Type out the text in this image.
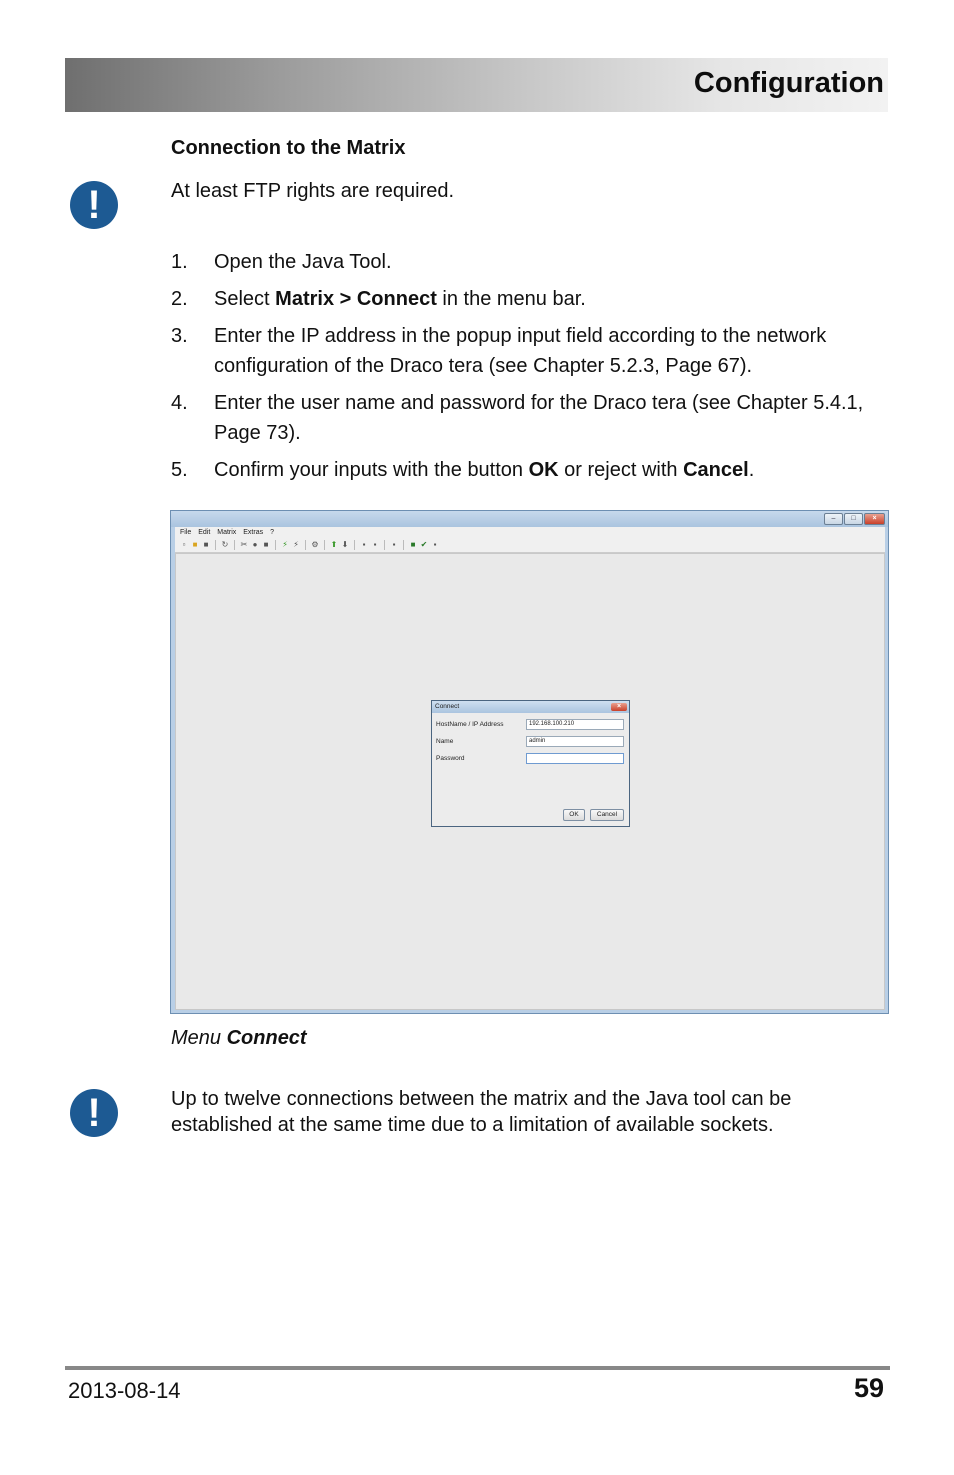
Configuration
Connection to the Matrix
!	At least FTP rights are required.
1. Open the Java Tool.
2. Select Matrix > Connect in the menu bar.
3. Enter the IP address in the popup input field according to the network configuration of the Draco tera (see Chapter 5.2.3, Page 67).
4. Enter the user name and password for the Draco tera (see Chapter 5.4.1, Page 73).
5. Confirm your inputs with the button OK or reject with Cancel.
–	□	×
File Edit Matrix Extras ?
▫ ■ ■ ↻ ✂ ● ■ ⚡ ⚡ ⚙ ⬆ ⬇	▪	▪	▪	■ ✔ ▪
Connect	×
HostName / IP Address	192.168.100.210
Name	admin
Password
OK	Cancel
Menu Connect
!	Up to twelve connections between the matrix and the Java tool can be established at the same time due to a limitation of available sockets.
2013-08-14	59
